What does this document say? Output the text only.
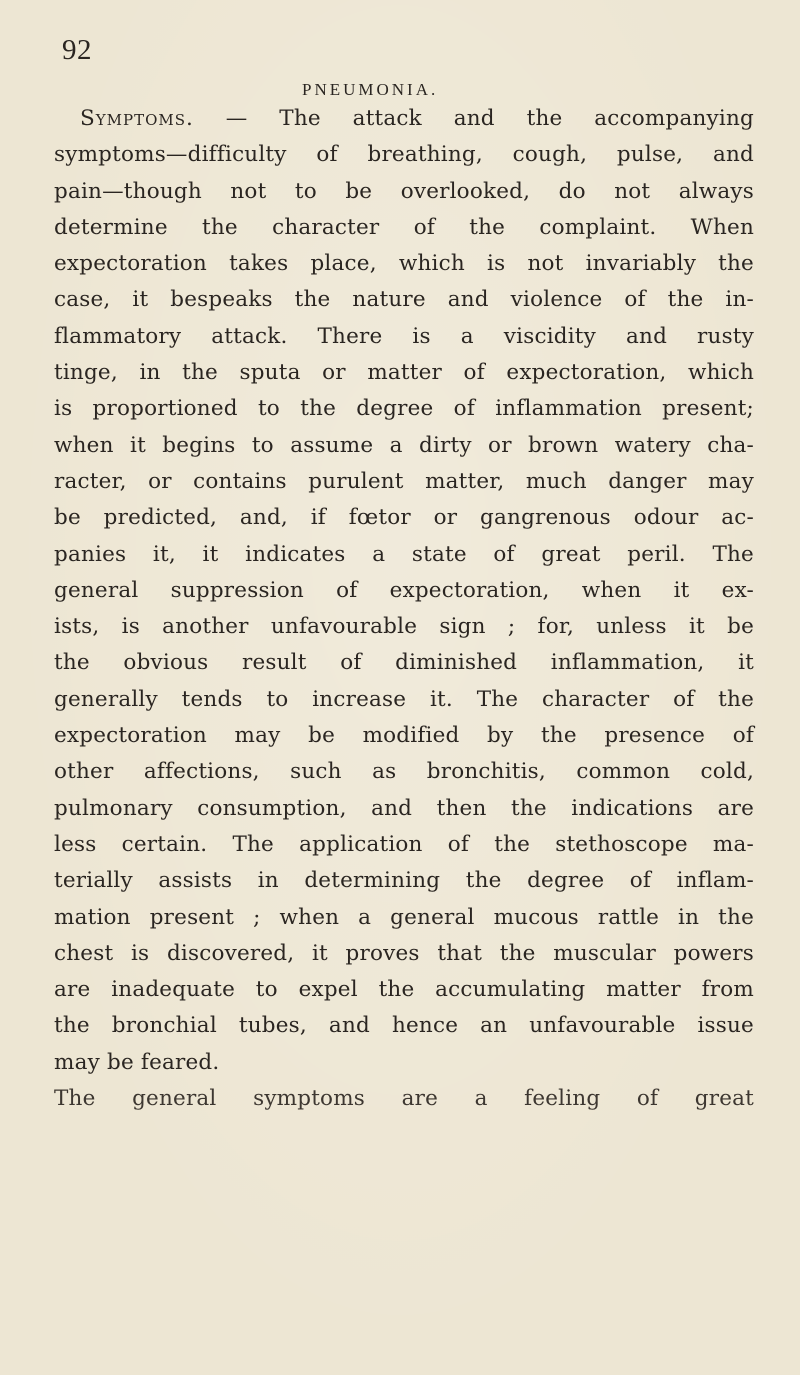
92
PNEUMONIA.
Symptoms. — The attack and the accompanying
symptoms—difficulty of breathing, cough, pulse, and
pain—though not to be overlooked, do not always
determine the character of the complaint. When
expectoration takes place, which is not invariably the
case, it bespeaks the nature and violence of the in-
flammatory attack. There is a viscidity and rusty
tinge, in the sputa or matter of expectoration, which
is proportioned to the degree of inflammation present;
when it begins to assume a dirty or brown watery cha-
racter, or contains purulent matter, much danger may
be predicted, and, if fœtor or gangrenous odour ac-
panies it, it indicates a state of great peril. The
general suppression of expectoration, when it ex-
ists, is another unfavourable sign ; for, unless it be
the obvious result of diminished inflammation, it
generally tends to increase it. The character of the
expectoration may be modified by the presence of
other affections, such as bronchitis, common cold,
pulmonary consumption, and then the indications are
less certain. The application of the stethoscope ma-
terially assists in determining the degree of inflam-
mation present ; when a general mucous rattle in the
chest is discovered, it proves that the muscular powers
are inadequate to expel the accumulating matter from
the bronchial tubes, and hence an unfavourable issue
may be feared.
The general symptoms are a feeling of great
